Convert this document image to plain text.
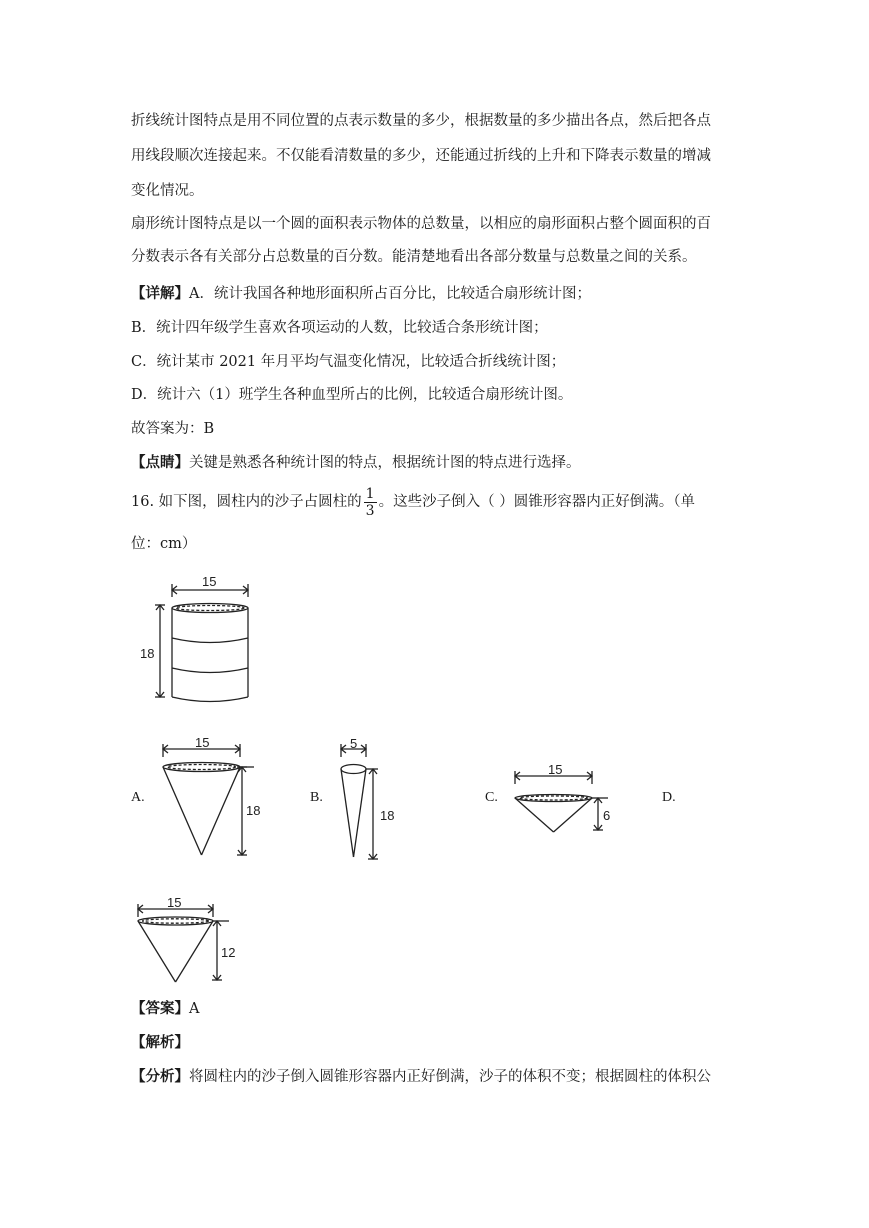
折线统计图特点是用不同位置的点表示数量的多少，根据数量的多少描出各点，然后把各点
用线段顺次连接起来。不仅能看清数量的多少，还能通过折线的上升和下降表示数量的增减
变化情况。
扇形统计图特点是以一个圆的面积表示物体的总数量，以相应的扇形面积占整个圆面积的百
分数表示各有关部分占总数量的百分数。能清楚地看出各部分数量与总数量之间的关系。
【详解】A．统计我国各种地形面积所占百分比，比较适合扇形统计图；
B．统计四年级学生喜欢各项运动的人数，比较适合条形统计图；
C．统计某市 2021 年月平均气温变化情况，比较适合折线统计图；
D．统计六（1）班学生各种血型所占的比例，比较适合扇形统计图。
故答案为：B
【点睛】关键是熟悉各种统计图的特点，根据统计图的特点进行选择。
16. 如下图，圆柱内的沙子占圆柱的 $\frac{1}{3}$ 。这些沙子倒入（ ）圆锥形容器内正好倒满。（单
位：cm）
15
18
A.
15
18
B.
5
18
C.
15
6
D.
15
12
【答案】A
【解析】
【分析】将圆柱内的沙子倒入圆锥形容器内正好倒满，沙子的体积不变；根据圆柱的体积公
